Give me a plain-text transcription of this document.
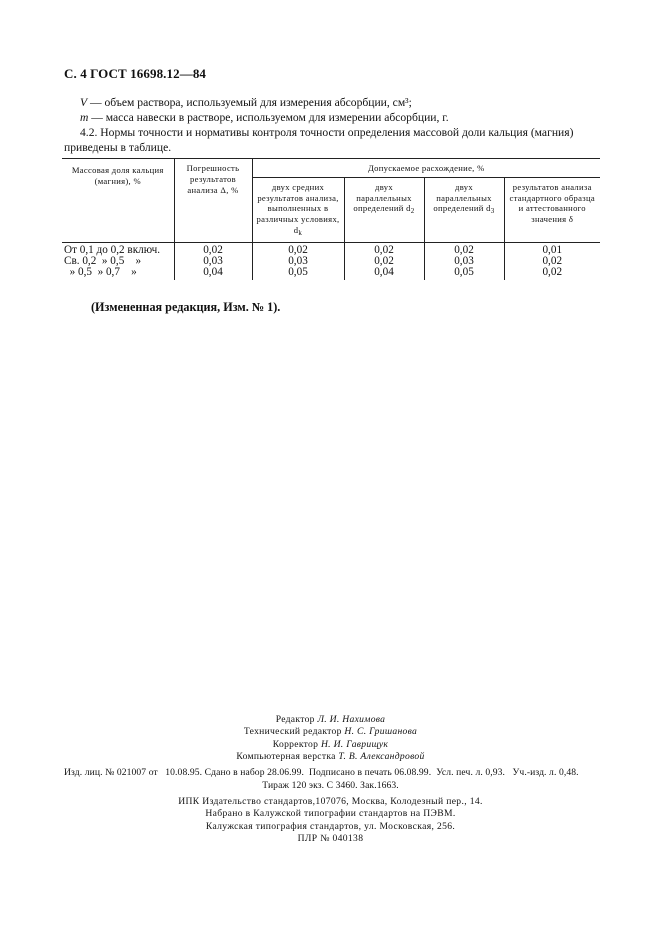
С. 4 ГОСТ 16698.12—84

V — объем раствора, используемый для измерения абсорбции, см³;

m — масса навески в растворе, используемом для измерении абсорбции, г.

4.2. Нормы точности и нормативы контроля точности определения массовой доли кальция (магния) приведены в таблице.

Массовая доля кальция (магния), %	Погрешность результатов анализа Δ, %	Допускаемое расхождение, %			
		двух средних результатов анализа, выполненных в различных условиях, $d_k$	двух параллельных определений $d_2$	двух параллельных определений $d_3$	результатов анализа стандартного образца и аттестованного значения δ
От 0,1 до 0,2 включ.	0,02	0,02	0,02	0,02	0,01
Св. 0,2  » 0,5    »	0,03	0,03	0,02	0,03	0,02
» 0,5  » 0,7    »	0,04	0,05	0,04	0,05	0,02
(Измененная редакция, Изм. № 1).
Редактор Л. И. Нахимова
Технический редактор Н. С. Гришанова
Корректор Н. И. Гаврищук
Компьютерная верстка Т. В. Александровой
Изд. лиц. № 021007 от   10.08.95. Сдано в набор 28.06.99.  Подписано в печать 06.08.99.  Усл. печ. л. 0,93.   Уч.-изд. л. 0,48.
Тираж 120 экз. С 3460. Зак.1663.
ИПК Издательство стандартов,107076, Москва, Колодезный пер., 14.
Набрано в Калужской типографии стандартов на ПЭВМ.
Калужская типография стандартов, ул. Московская, 256.
ПЛР № 040138
